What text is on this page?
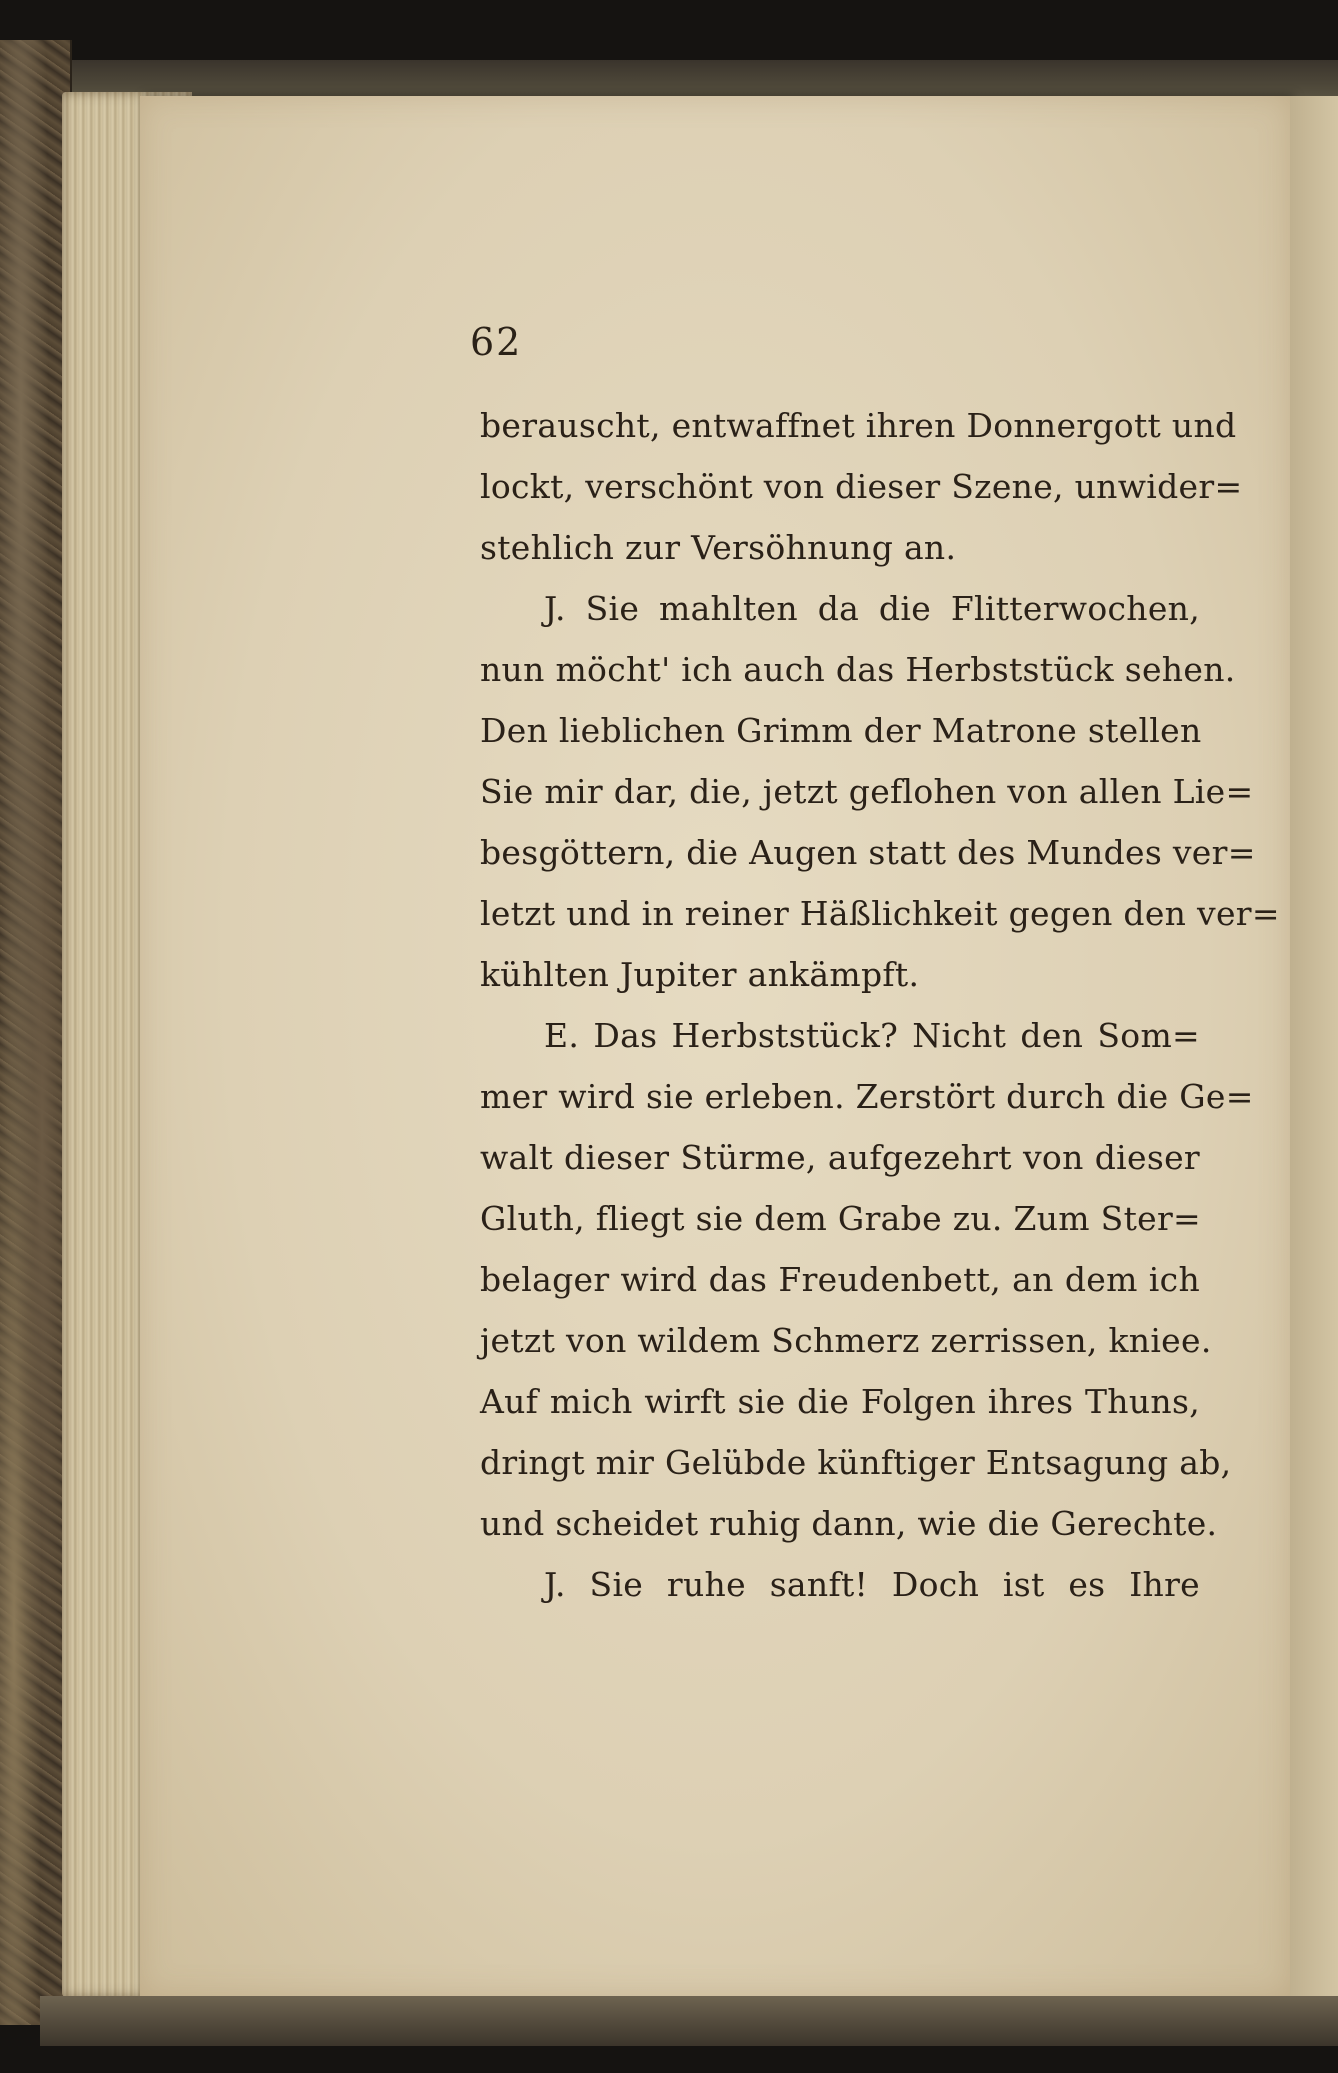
62
berauscht, entwaffnet ihren Donnergott und
lockt, verschönt von dieser Szene, unwider=
stehlich zur Versöhnung an.
J. Sie mahlten da die Flitterwochen,
nun möcht' ich auch das Herbststück sehen.
Den lieblichen Grimm der Matrone stellen
Sie mir dar, die, jetzt geflohen von allen Lie=
besgöttern, die Augen statt des Mundes ver=
letzt und in reiner Häßlichkeit gegen den ver=
kühlten Jupiter ankämpft.
E. Das Herbststück? Nicht den Som=
mer wird sie erleben. Zerstört durch die Ge=
walt dieser Stürme, aufgezehrt von dieser
Gluth, fliegt sie dem Grabe zu. Zum Ster=
belager wird das Freudenbett, an dem ich
jetzt von wildem Schmerz zerrissen, kniee.
Auf mich wirft sie die Folgen ihres Thuns,
dringt mir Gelübde künftiger Entsagung ab,
und scheidet ruhig dann, wie die Gerechte.
J. Sie ruhe sanft! Doch ist es Ihre
